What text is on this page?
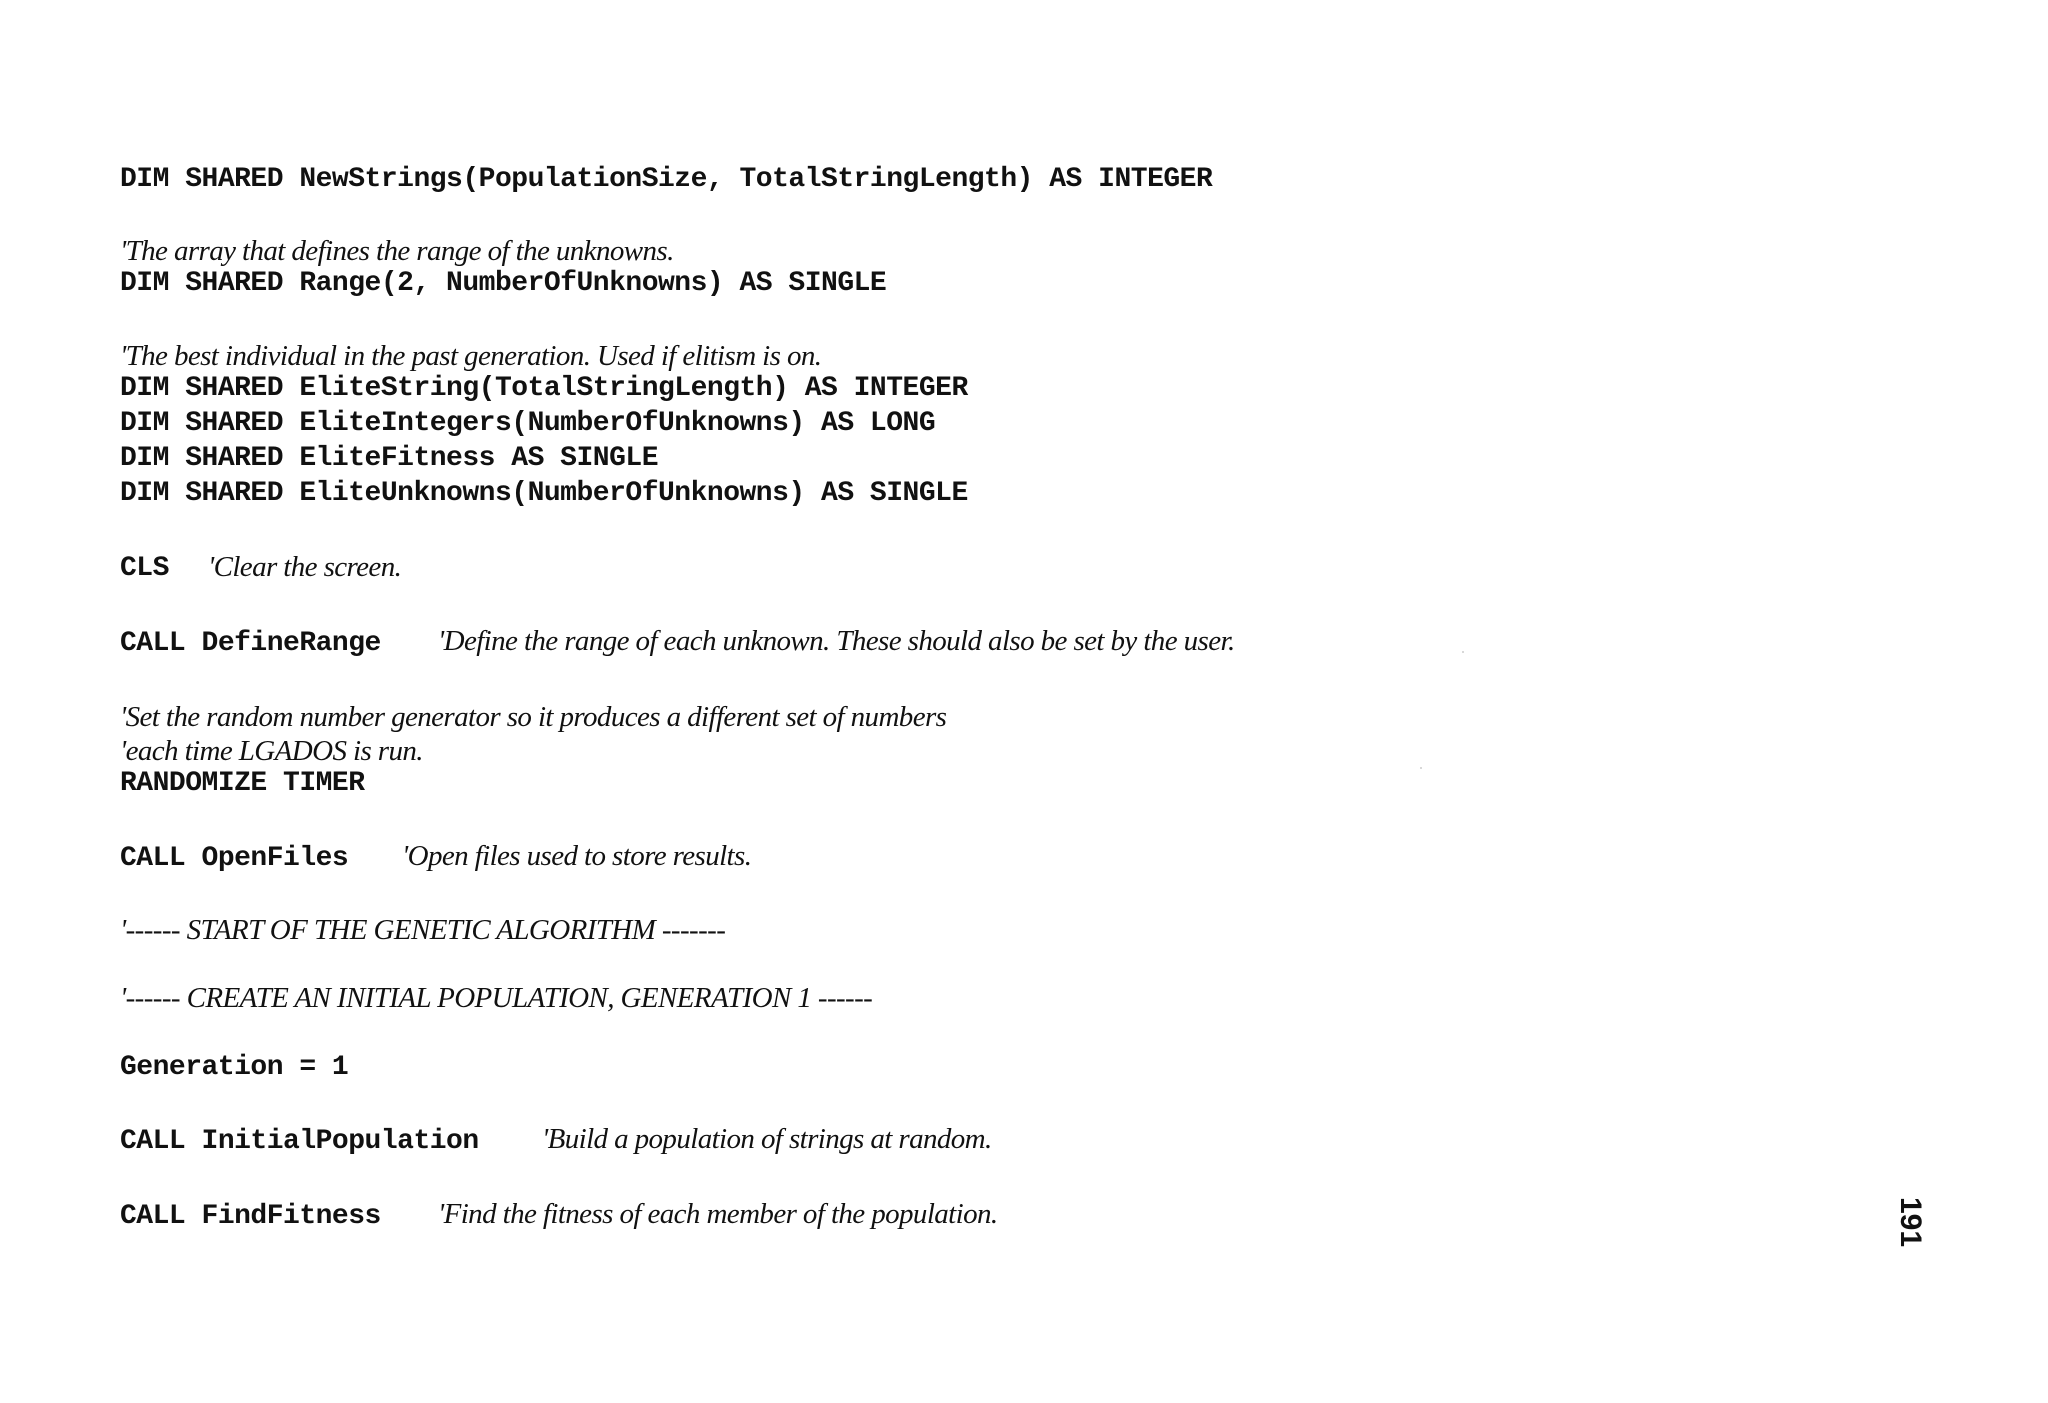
DIM SHARED NewStrings(PopulationSize, TotalStringLength) AS INTEGER
'The array that defines the range of the unknowns.
DIM SHARED Range(2, NumberOfUnknowns) AS SINGLE
'The best individual in the past generation. Used if elitism is on.
DIM SHARED EliteString(TotalStringLength) AS INTEGER
DIM SHARED EliteIntegers(NumberOfUnknowns) AS LONG
DIM SHARED EliteFitness AS SINGLE
DIM SHARED EliteUnknowns(NumberOfUnknowns) AS SINGLE
CLS 'Clear the screen.
CALL DefineRange 'Define the range of each unknown. These should also be set by the user.
'Set the random number generator so it produces a different set of numbers
'each time LGADOS is run.
RANDOMIZE TIMER
CALL OpenFiles 'Open files used to store results.
'------ START OF THE GENETIC ALGORITHM -------
'------ CREATE AN INITIAL POPULATION, GENERATION 1 ------
Generation = 1
CALL InitialPopulation 'Build a population of strings at random.
CALL FindFitness 'Find the fitness of each member of the population.	191
